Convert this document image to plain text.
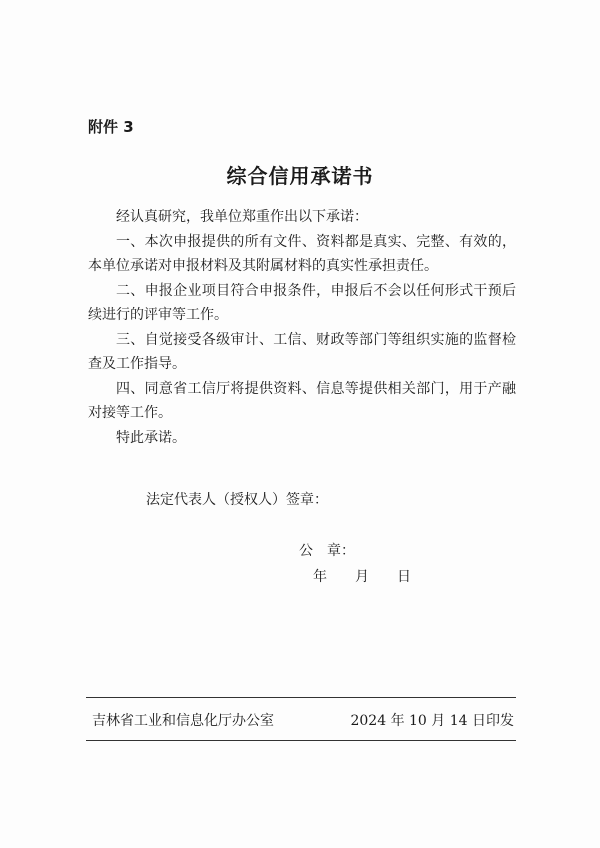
附件 3
综合信用承诺书

经认真研究，我单位郑重作出以下承诺：

一、本次申报提供的所有文件、资料都是真实、完整、有效的，本单位承诺对申报材料及其附属材料的真实性承担责任。

二、申报企业项目符合申报条件，申报后不会以任何形式干预后续进行的评审等工作。

三、自觉接受各级审计、工信、财政等部门等组织实施的监督检查及工作指导。

四、同意省工信厅将提供资料、信息等提供相关部门，用于产融对接等工作。

特此承诺。

法定代表人（授权人）签章：
公　章：
年　　月　　日
吉林省工业和信息化厅办公室	2024 年 10 月 14 日印发
